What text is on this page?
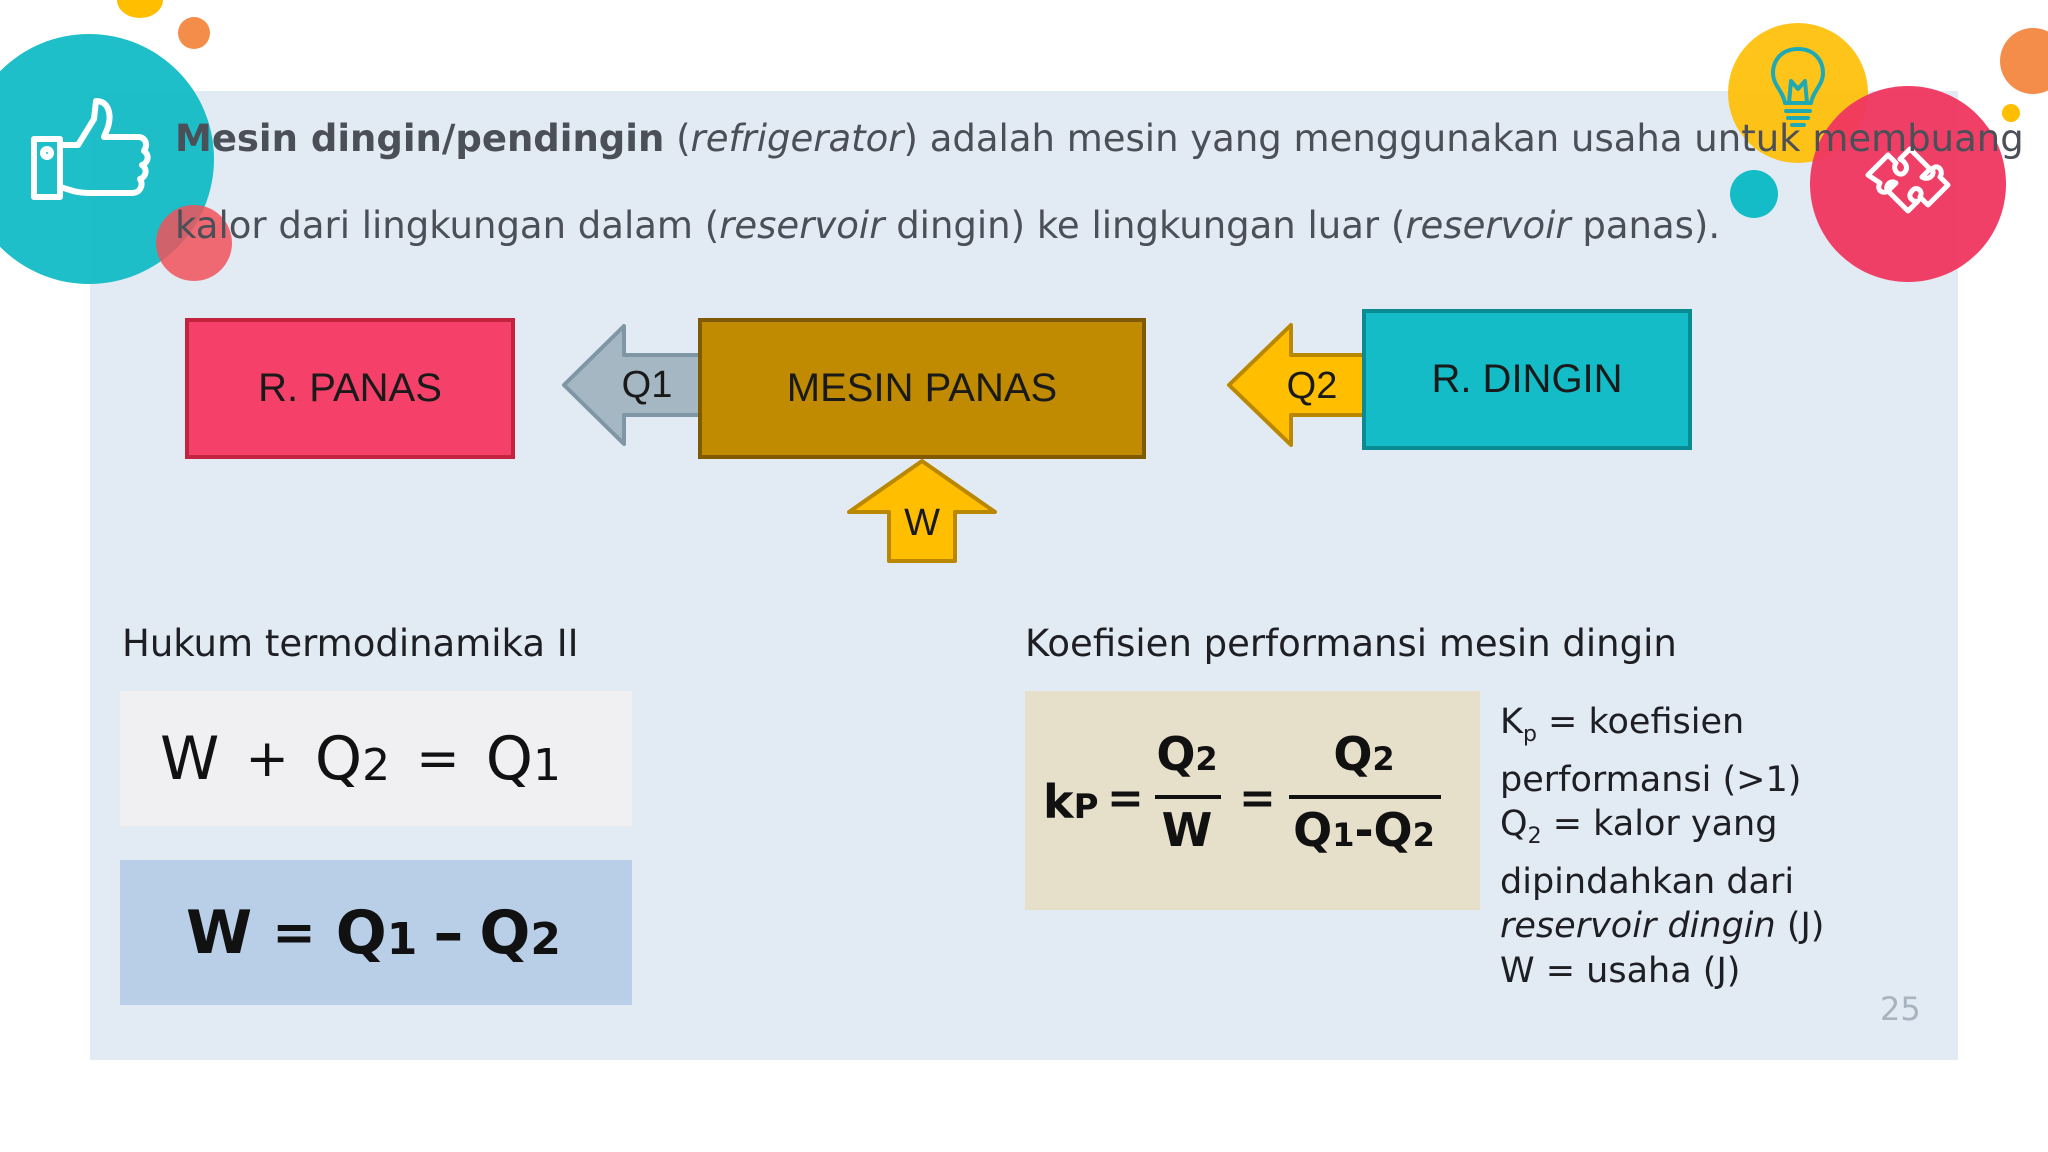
Mesin dingin/pendingin (refrigerator) adalah mesin yang menggunakan usaha untuk membuang
kalor dari lingkungan dalam (reservoir dingin) ke lingkungan luar (reservoir panas).
R. PANAS	Q1	MESIN PANAS
W
Q2 R. DINGIN
Hukum termodinamika II
W + Q 2 = Q 1
W = Q 1 – Q 2
Koefisien performansi mesin dingin
kP =
Q2
W
=
Q2
Q1-Q2
$K_p$ = koefisien performansi (>1)
$Q_2$ = kalor yang dipindahkan dari reservoir dingin (J)
W = usaha (J)
25
